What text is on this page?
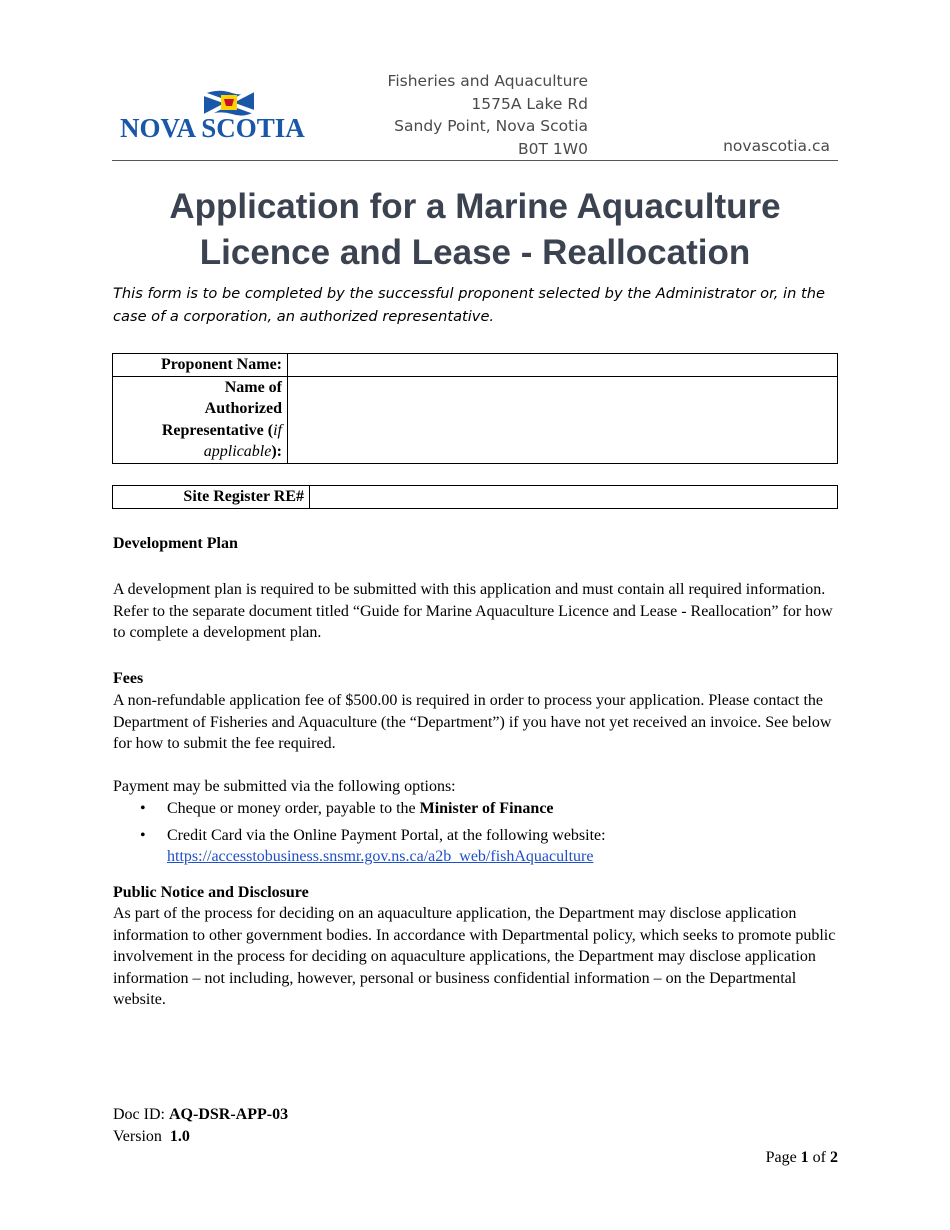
NOVA SCOTIA
Fisheries and Aquaculture
1575A Lake Rd
Sandy Point, Nova Scotia
B0T 1W0	novascotia.ca
Application for a Marine Aquaculture
Licence and Lease - Reallocation
This form is to be completed by the successful proponent selected by the Administrator or, in the case of a corporation, an authorized representative.
Proponent Name:	
Name of
Authorized
Representative (if
applicable):	
Site Register RE#	
Development Plan
A development plan is required to be submitted with this application and must contain all required information. Refer to the separate document titled “Guide for Marine Aquaculture Licence and Lease - Reallocation” for how to complete a development plan.
Fees
A non-refundable application fee of $500.00 is required in order to process your application. Please contact the Department of Fisheries and Aquaculture (the “Department”) if you have not yet received an invoice. See below for how to submit the fee required.
Payment may be submitted via the following options:
• Cheque or money order, payable to the Minister of Finance
• Credit Card via the Online Payment Portal, at the following website:
https://accesstobusiness.snsmr.gov.ns.ca/a2b_web/fishAquaculture
Public Notice and Disclosure
As part of the process for deciding on an aquaculture application, the Department may disclose application information to other government bodies. In accordance with Departmental policy, which seeks to promote public involvement in the process for deciding on aquaculture applications, the Department may disclose application information – not including, however, personal or business confidential information – on the Departmental website.
Doc ID: AQ-DSR-APP-03
Version  1.0
Page 1 of 2
